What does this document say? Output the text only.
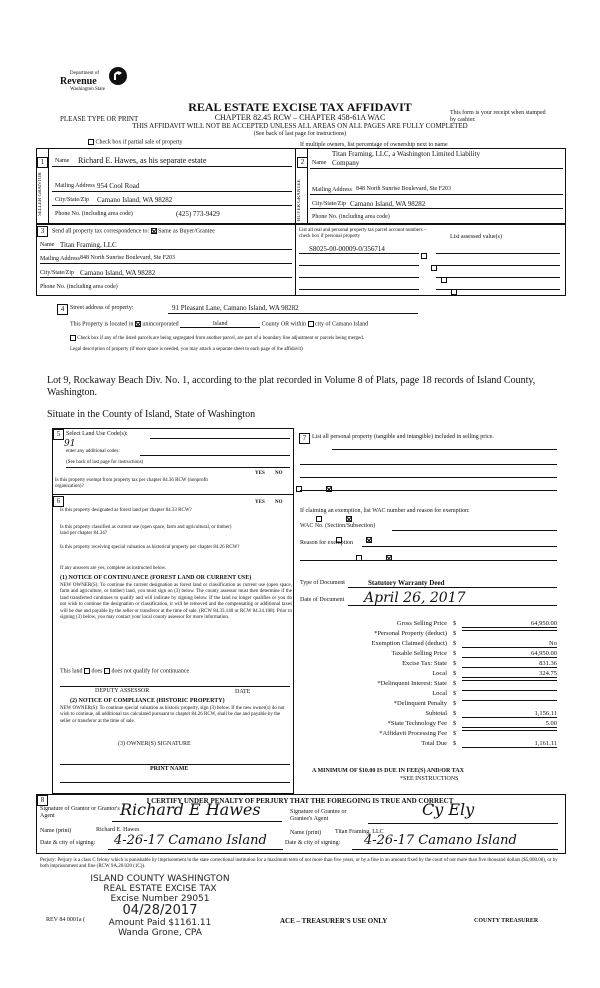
Department of
Revenue
Washington State
PLEASE TYPE OR PRINT
REAL ESTATE EXCISE TAX AFFIDAVIT
CHAPTER 82.45 RCW – CHAPTER 458-61A WAC
THIS AFFIDAVIT WILL NOT BE ACCEPTED UNLESS ALL AREAS ON ALL PAGES ARE FULLY COMPLETED
(See back of last page for instructions)
This form is your receipt when stamped by cashier.
Check box if partial sale of property	If multiple owners, list percentage of ownership next to name
1	2
SELLER GRANTOR	BUYER GRANTEE
Name Richard E. Hawes, as his separate estate
Mailing Address 954 Cool Road
City/State/Zip Camano Island, WA 98282
Phone No. (including area code)	(425) 773-9429
Name
Titan Framing, LLC, a Washington Limited Liability
Company
Mailing Address 848 North Sunrise Boulevard, Ste F203
City/State/Zip Camano Island, WA 98282
Phone No. (including area code)
3	Send all property tax correspondence to: Same as Buyer/Grantee
Name Titan Framing, LLC
Mailing Address 848 North Sunrise Boulevard, Ste F203
City/State/Zip Camano Island, WA 98282
Phone No. (including area code)
List all real and personal property tax parcel account numbers – check box if personal property	List assessed value(s)
S8025-00-00009-0/356714

4 Street address of property:	91 Pleasant Lane, Camano Island, WA 98282
This Property is located in unincorporated	Island	County OR within city of Camano Island
Check box if any of the listed parcels are being segregated from another parcel, are part of a boundary line adjustment or parcels being merged.
Legal description of property (if more space is needed, you may attach a separate sheet to each page of the affidavit)
Lot 9, Rockaway Beach Div. No. 1, according to the plat recorded in Volume 8 of Plats, page 18 records of Island County, Washington.
Situate in the County of Island, State of Washington
5 Select Land Use Code(s):
91
enter any additional codes:
(See back of last page for instructions)
YES NO
Is this property exempt from property tax per chapter 84.36 RCW (nonprofit organization)?

6	YES NO
Is this property designated as forest land per chapter 84.33 RCW?

Is this property classified as current use (open space, farm and agricultural, or timber) land per chapter 84.34?

Is this property receiving special valuation as historical property per chapter 84.26 RCW?

If any answers are yes, complete as instructed below.
(1) NOTICE OF CONTINUANCE (FOREST LAND OR CURRENT USE)
NEW OWNER(S): To continue the current designation as forest land or classification as current use (open space, farm and agriculture, or timber) land, you must sign on (3) below. The county assessor must then determine if the land transferred continues to qualify and will indicate by signing below. If the land no longer qualifies or you do not wish to continue the designation or classification, it will be removed and the compensating or additional taxes will be due and payable by the seller or transferor at the time of sale. (RCW 84.33.140 or RCW 84.34.108). Prior to signing (3) below, you may contact your local county assessor for more information.
This land does does not qualify for continuance
DEPUTY ASSESSOR	DATE
(2) NOTICE OF COMPLIANCE (HISTORIC PROPERTY)
NEW OWNER(S): To continue special valuation as historic property, sign (3) below. If the new owner(s) do not wish to continue, all additional tax calculated pursuant to chapter 84.26 RCW, shall be due and payable by the seller or transferor at the time of sale.
(3) OWNER(S) SIGNATURE
PRINT NAME
7 List all personal property (tangible and intangible) included in selling price.
If claiming an exemption, list WAC number and reason for exemption:
WAC No. (Section/Subsection)
Reason for exemption
Type of Document	Statutory Warranty Deed
Date of Document April 26, 2017
Gross Selling Price $	64,950.00
*Personal Property (deduct) $
Exemption Claimed (deduct) $	No
Taxable Selling Price $	64,950.00
Excise Tax: State $	831.36
Local $	324.75
*Delinquent Interest: State $
Local $
*Delinquent Penalty $
Subtotal $	1,156.11
*State Technology Fee $	5.00
*Affidavit Processing Fee $
Total Due $	1,161.11
A MINIMUM OF $10.00 IS DUE IN FEE(S) AND/OR TAX
*SEE INSTRUCTIONS
8	I CERTIFY UNDER PENALTY OF PERJURY THAT THE FOREGOING IS TRUE AND CORRECT
Signature of Grantor or Grantor's Agent	Richard E Hawes	Signature of Grantee or Grantee's Agent	Cy Ely
Name (print)	Richard E. Hawes	Name (print) Titan Framing, LLC
Date & city of signing: 4-26-17 Camano Island	Date & city of signing: 4-26-17 Camano Island
Perjury: Perjury is a class C felony which is punishable by imprisonment in the state correctional institution for a maximum term of not more than five years, or by a fine in an amount fixed by the court of not more than five thousand dollars ($5,000.00), or by both imprisonment and fine (RCW 9A.20.020 (1C)).
ISLAND COUNTY WASHINGTON
REAL ESTATE EXCISE TAX
Excise Number 29051
04/28/2017
Amount Paid $1161.11
Wanda Grone, CPA
REV 84 0001a (	ACE – TREASURER'S USE ONLY	COUNTY TREASURER
